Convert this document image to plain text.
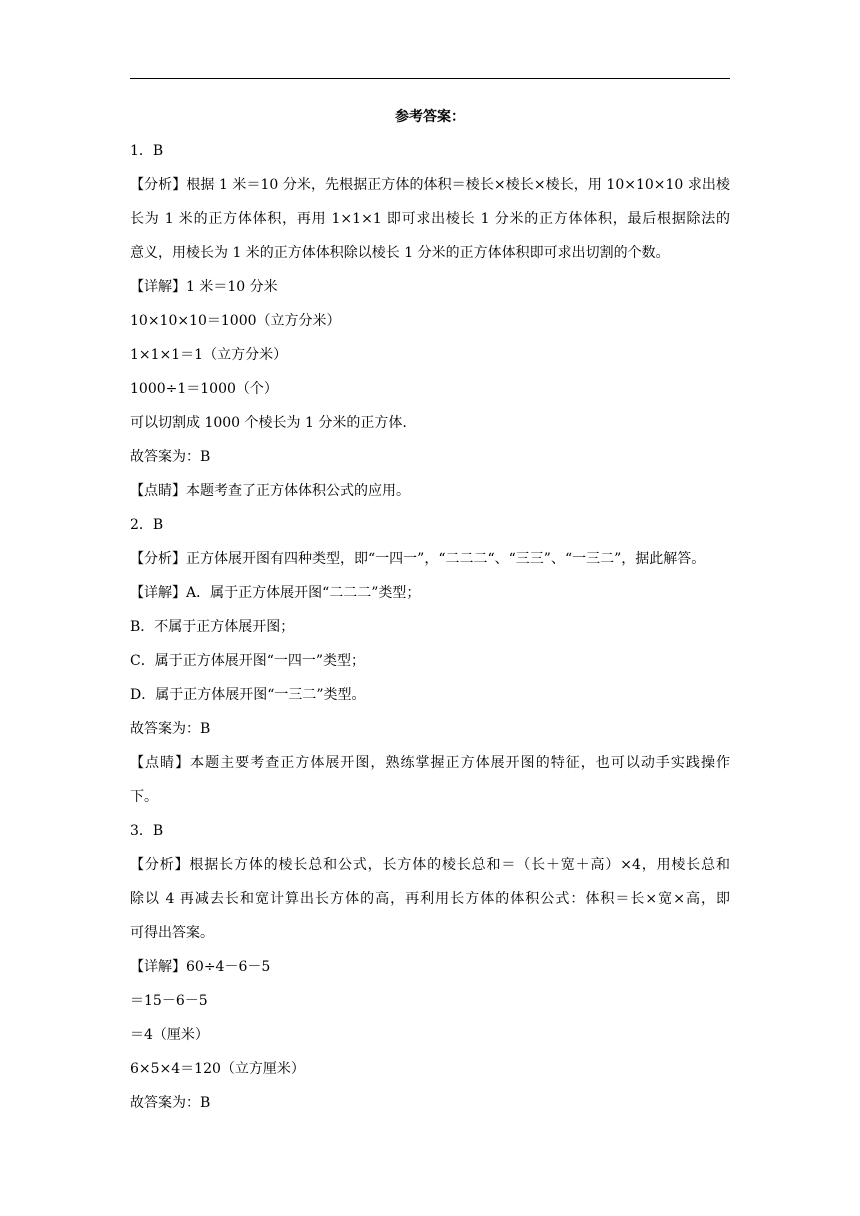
参考答案：
1．B
【分析】根据 1 米＝10 分米，先根据正方体的体积＝棱长×棱长×棱长，用 10×10×10 求出棱
长为 1 米的正方体体积，再用 1×1×1 即可求出棱长 1 分米的正方体体积，最后根据除法的
意义，用棱长为 1 米的正方体体积除以棱长 1 分米的正方体体积即可求出切割的个数。
【详解】1 米＝10 分米
10×10×10＝1000（立方分米）
1×1×1＝1（立方分米）
1000÷1＝1000（个）
可以切割成 1000 个棱长为 1 分米的正方体.
故答案为：B
【点睛】本题考查了正方体体积公式的应用。
2．B
【分析】正方体展开图有四种类型，即“一四一”，“二二二“、“三三”、“一三二”，据此解答。
【详解】A．属于正方体展开图“二二二”类型；
B．不属于正方体展开图；
C．属于正方体展开图“一四一”类型；
D．属于正方体展开图“一三二”类型。
故答案为：B
【点睛】本题主要考查正方体展开图，熟练掌握正方体展开图的特征，也可以动手实践操作
下。
3．B
【分析】根据长方体的棱长总和公式，长方体的棱长总和＝（长＋宽＋高）×4，用棱长总和
除以 4 再减去长和宽计算出长方体的高，再利用长方体的体积公式：体积＝长×宽×高，即
可得出答案。
【详解】60÷4－6－5
＝15－6－5
＝4（厘米）
6×5×4＝120（立方厘米）
故答案为：B
